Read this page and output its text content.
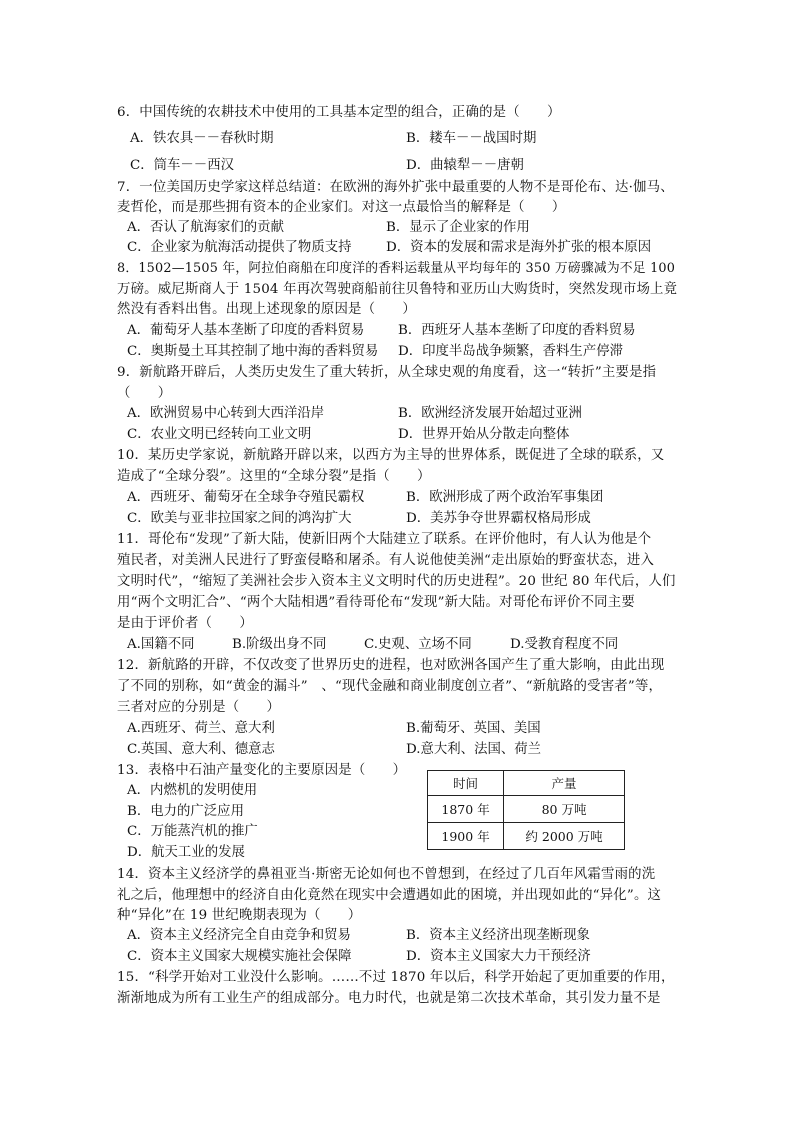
6．中国传统的农耕技术中使用的工具基本定型的组合，正确的是（　　）
A．铁农具－－春秋时期	B．耧车－－战国时期
C．筒车－－西汉	D．曲辕犁－－唐朝
7．一位美国历史学家这样总结道：在欧洲的海外扩张中最重要的人物不是哥伦布、达·伽马、
麦哲伦，而是那些拥有资本的企业家们。对这一点最恰当的解释是（　　）
A．否认了航海家们的贡献	B．显示了企业家的作用
C．企业家为航海活动提供了物质支持	D．资本的发展和需求是海外扩张的根本原因
8．1502—1505 年，阿拉伯商船在印度洋的香料运载量从平均每年的 350 万磅骤减为不足 100
万磅。威尼斯商人于 1504 年再次驾驶商船前往贝鲁特和亚历山大购货时，突然发现市场上竟
然没有香料出售。出现上述现象的原因是（　　）
A．葡萄牙人基本垄断了印度的香料贸易	B．西班牙人基本垄断了印度的香料贸易
C．奥斯曼土耳其控制了地中海的香料贸易 D．印度半岛战争频繁，香料生产停滞
9．新航路开辟后，人类历史发生了重大转折，从全球史观的角度看，这一“转折”主要是指
（　　）
A．欧洲贸易中心转到大西洋沿岸	B．欧洲经济发展开始超过亚洲
C．农业文明已经转向工业文明	D．世界开始从分散走向整体
10．某历史学家说，新航路开辟以来，以西方为主导的世界体系，既促进了全球的联系，又
造成了“全球分裂”。这里的“全球分裂”是指（　　）
A．西班牙、葡萄牙在全球争夺殖民霸权	B．欧洲形成了两个政治军事集团
C．欧美与亚非拉国家之间的鸿沟扩大	D．美苏争夺世界霸权格局形成
11．哥伦布“发现”了新大陆，使新旧两个大陆建立了联系。在评价他时，有人认为他是个
殖民者，对美洲人民进行了野蛮侵略和屠杀。有人说他使美洲“走出原始的野蛮状态，进入
文明时代”，“缩短了美洲社会步入资本主义文明时代的历史进程”。20 世纪 80 年代后，人们
用“两个文明汇合”、“两个大陆相遇”看待哥伦布“发现”新大陆。对哥伦布评价不同主要
是由于评价者（　　）
A.国籍不同	B.阶级出身不同	C.史观、立场不同	D.受教育程度不同
12．新航路的开辟，不仅改变了世界历史的进程，也对欧洲各国产生了重大影响，由此出现
了不同的别称，如“黄金的漏斗”　、“现代金融和商业制度创立者”、“新航路的受害者”等，
三者对应的分别是（　　）
A.西班牙、荷兰、意大利	B.葡萄牙、英国、美国
C.英国、意大利、德意志	D.意大利、法国、荷兰
13．表格中石油产量变化的主要原因是（　　）
A．内燃机的发明使用
B．电力的广泛应用
C．万能蒸汽机的推广
D．航天工业的发展
时间	产量
1870 年	80 万吨
1900 年	约 2000 万吨
14．资本主义经济学的鼻祖亚当·斯密无论如何也不曾想到，在经过了几百年风霜雪雨的洗
礼之后，他理想中的经济自由化竟然在现实中会遭遇如此的困境，并出现如此的“异化”。这
种“异化”在 19 世纪晚期表现为（　　）
A．资本主义经济完全自由竞争和贸易	B．资本主义经济出现垄断现象
C．资本主义国家大规模实施社会保障	D．资本主义国家大力干预经济
15．“科学开始对工业没什么影响。……不过 1870 年以后，科学开始起了更加重要的作用，
渐渐地成为所有工业生产的组成部分。电力时代，也就是第二次技术革命，其引发力量不是
